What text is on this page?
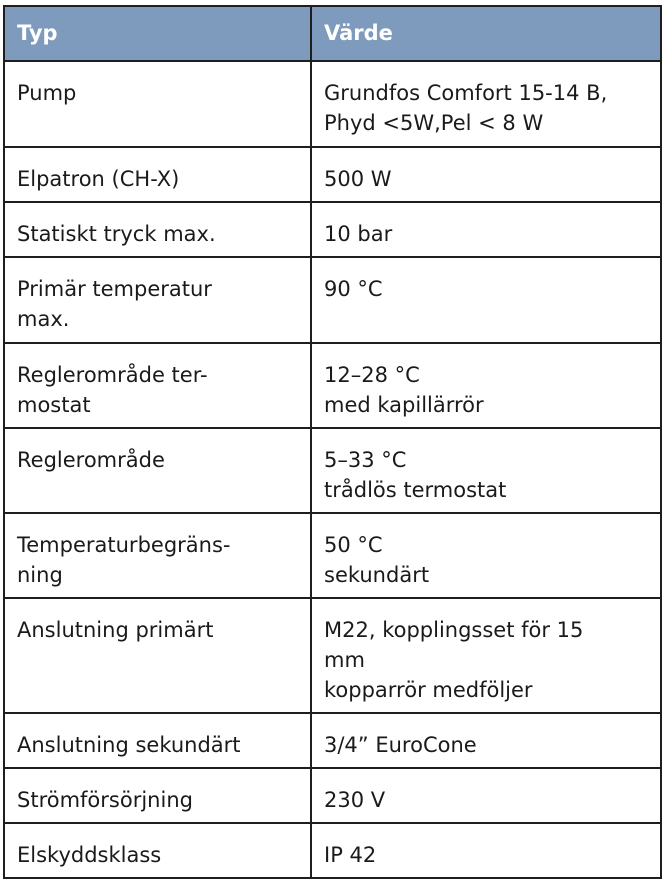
Typ	Värde
Pump	Grundfos Comfort 15-14 B,
Phyd <5W,Pel < 8 W
Elpatron (CH-X)	500 W
Statiskt tryck max.	10 bar
Primär temperatur
max.	90 °C
Reglerområde ter-
mostat	12–28 °C
med kapillärrör
Reglerområde	5–33 °C
trådlös termostat
Temperaturbegräns-
ning	50 °C
sekundärt
Anslutning primärt	M22, kopplingsset för 15
mm
kopparrör medföljer
Anslutning sekundärt	3/4” EuroCone
Strömförsörjning	230 V
Elskyddsklass	IP 42
